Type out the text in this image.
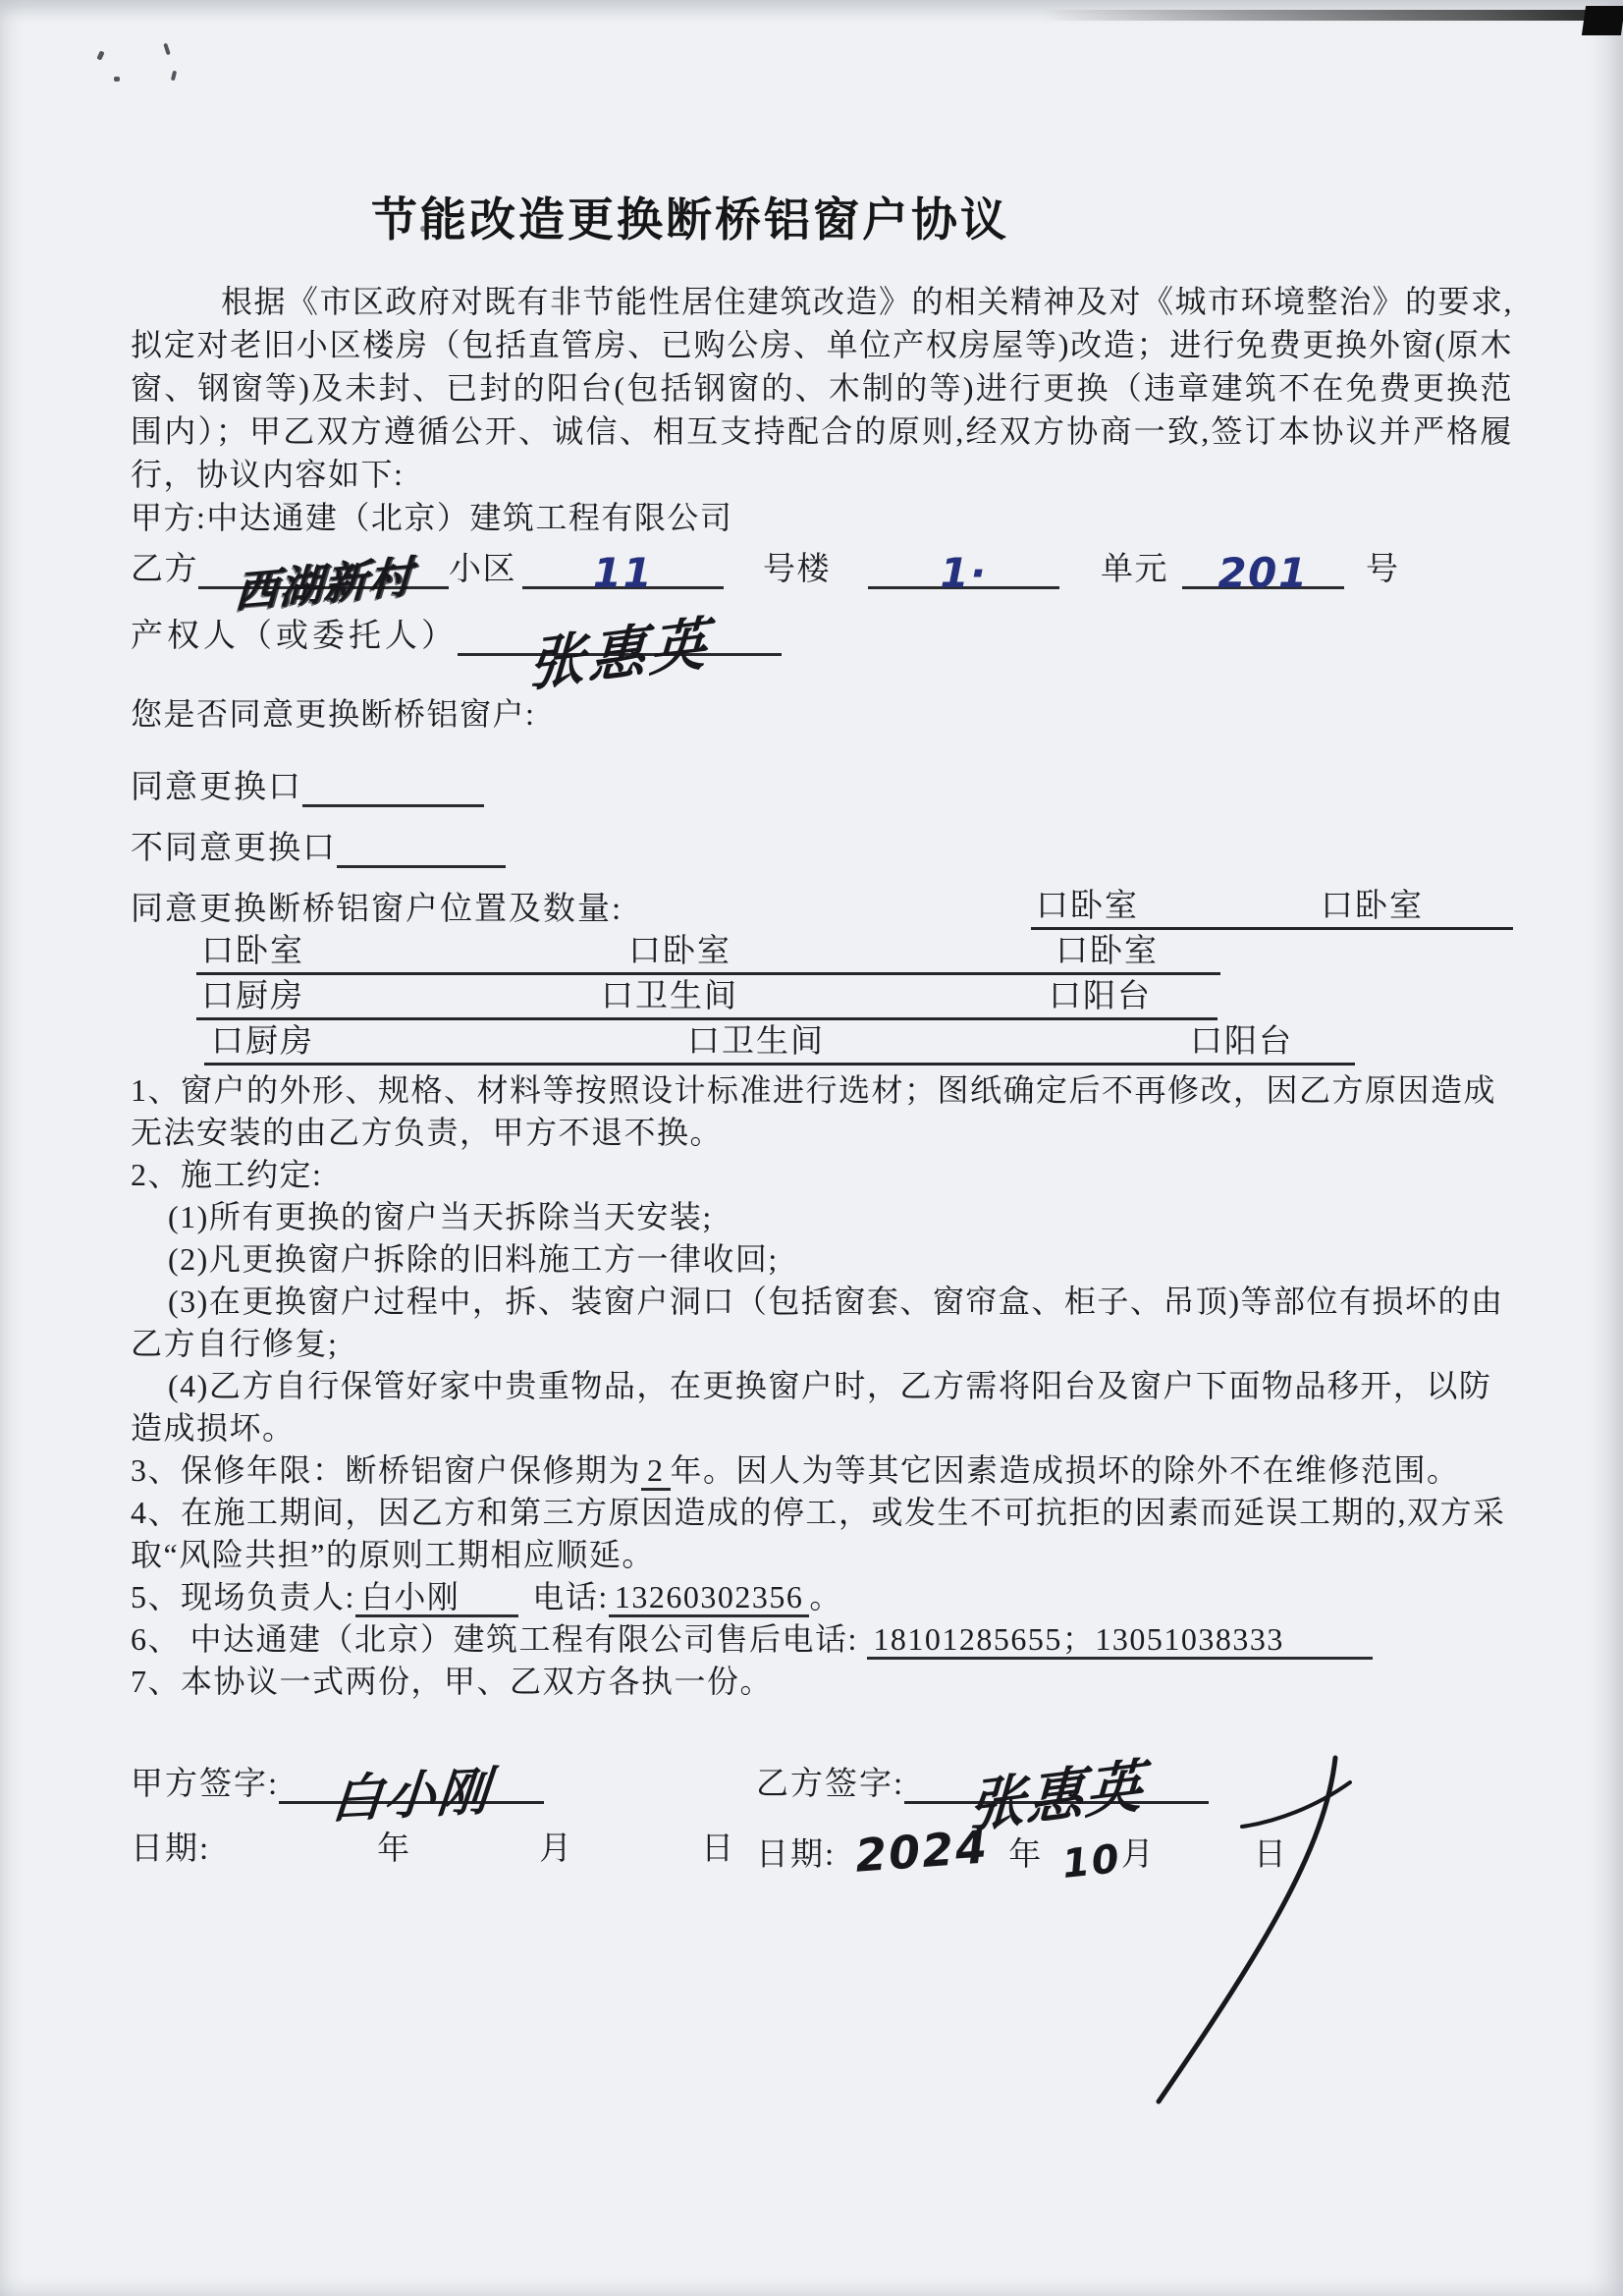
节能改造更换断桥铝窗户协议

根据《市区政府对既有非节能性居住建筑改造》的相关精神及对《城市环境整治》的要求,拟定对老旧小区楼房（包括直管房、已购公房、单位产权房屋等)改造；进行免费更换外窗(原木窗、钢窗等)及未封、已封的阳台(包括钢窗的、木制的等)进行更换（违章建筑不在免费更换范围内）；甲乙双方遵循公开、诚信、相互支持配合的原则,经双方协商一致,签订本协议并严格履行，协议内容如下:

甲方:中达通建（北京）建筑工程有限公司

乙方 西湖新村 小区 11	号楼	1·	单元 201 号
产权人（或委托人） 张惠英

您是否同意更换断桥铝窗户:

同意更换口
不同意更换口
同意更换断桥铝窗户位置及数量:	口卧室	口卧室
口卧室	口卧室	口卧室
口厨房	口卫生间	口阳台
口厨房	口卫生间	口阳台

1、窗户的外形、规格、材料等按照设计标准进行选材；图纸确定后不再修改，因乙方原因造成无法安装的由乙方负责，甲方不退不换。

2、施工约定:

(1)所有更换的窗户当天拆除当天安装;

(2)凡更换窗户拆除的旧料施工方一律收回;

(3)在更换窗户过程中，拆、装窗户洞口（包括窗套、窗帘盒、柜子、吊顶)等部位有损坏的由乙方自行修复;

(4)乙方自行保管好家中贵重物品，在更换窗户时，乙方需将阳台及窗户下面物品移开，以防造成损坏。

3、保修年限：断桥铝窗户保修期为 2 年。因人为等其它因素造成损坏的除外不在维修范围。

4、在施工期间，因乙方和第三方原因造成的停工，或发生不可抗拒的因素而延误工期的,双方采取“风险共担”的原则工期相应顺延。

5、现场负责人: 白小刚 电话: 13260302356 。

6、 中达通建（北京）建筑工程有限公司售后电话: 18101285655；13051038333

7、本协议一式两份，甲、乙双方各执一份。

甲方签字: 白小刚
日期:	年	月	日
乙方签字: 张惠英
日期: 2024 年 10月	日
